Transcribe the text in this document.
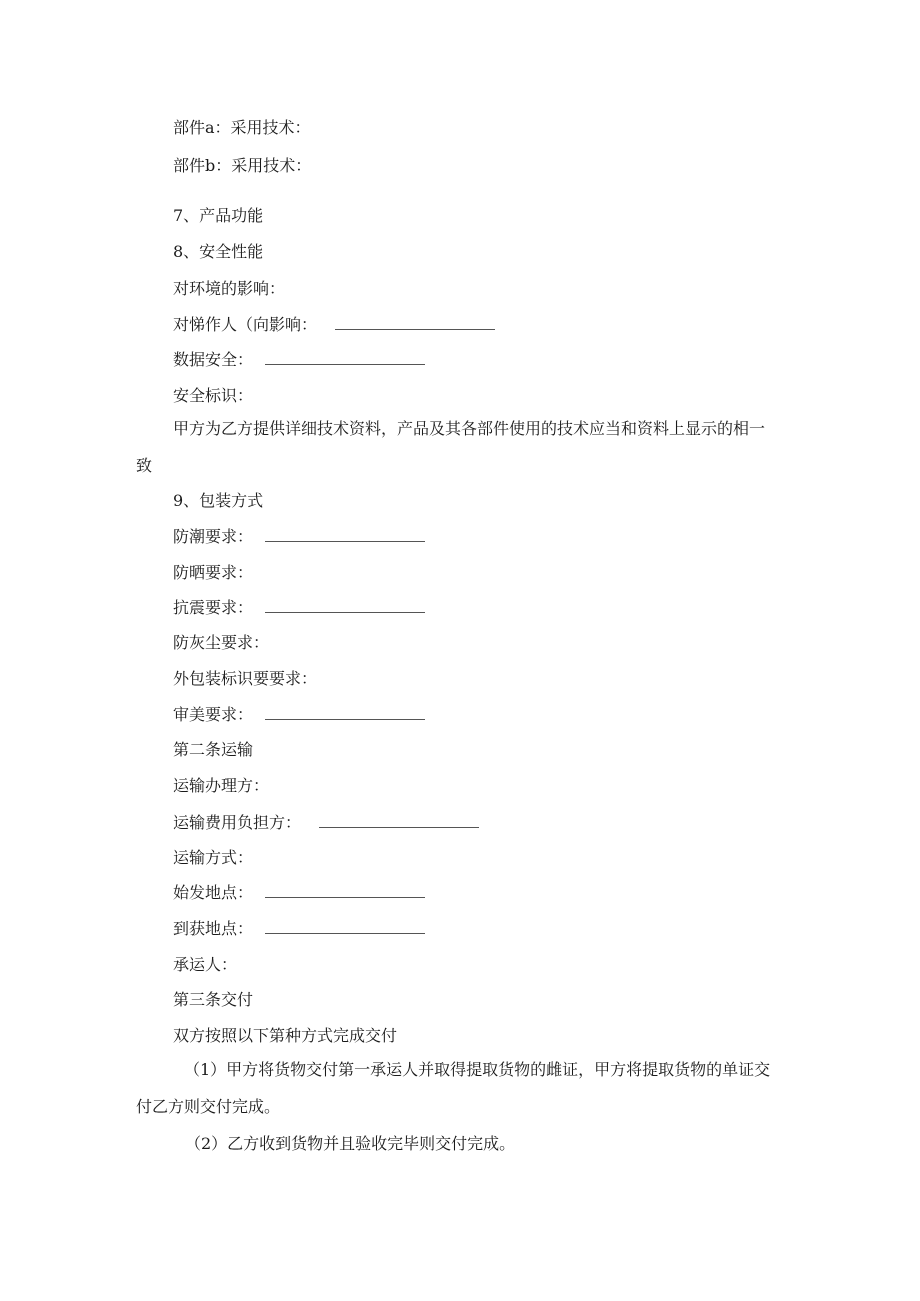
部件a：采用技术：
部件b：采用技术：
7、产品功能
8、安全性能
对环境的影响：
对悌作人（向影响：
数据安全：
安全标识：
甲方为乙方提供详细技术资料，产品及其各部件使用的技术应当和资料上显示的相一致
9、包装方式
防潮要求：
防晒要求：
抗震要求：
防灰尘要求：
外包装标识要要求：
审美要求：
第二条运输
运输办理方：
运输费用负担方：
运输方式：
始发地点：
到获地点：
承运人：
第三条交付
双方按照以下第种方式完成交付
（1）甲方将货物交付第一承运人并取得提取货物的雌证，甲方将提取货物的单证交付乙方则交付完成。
（2）乙方收到货物并且验收完毕则交付完成。
